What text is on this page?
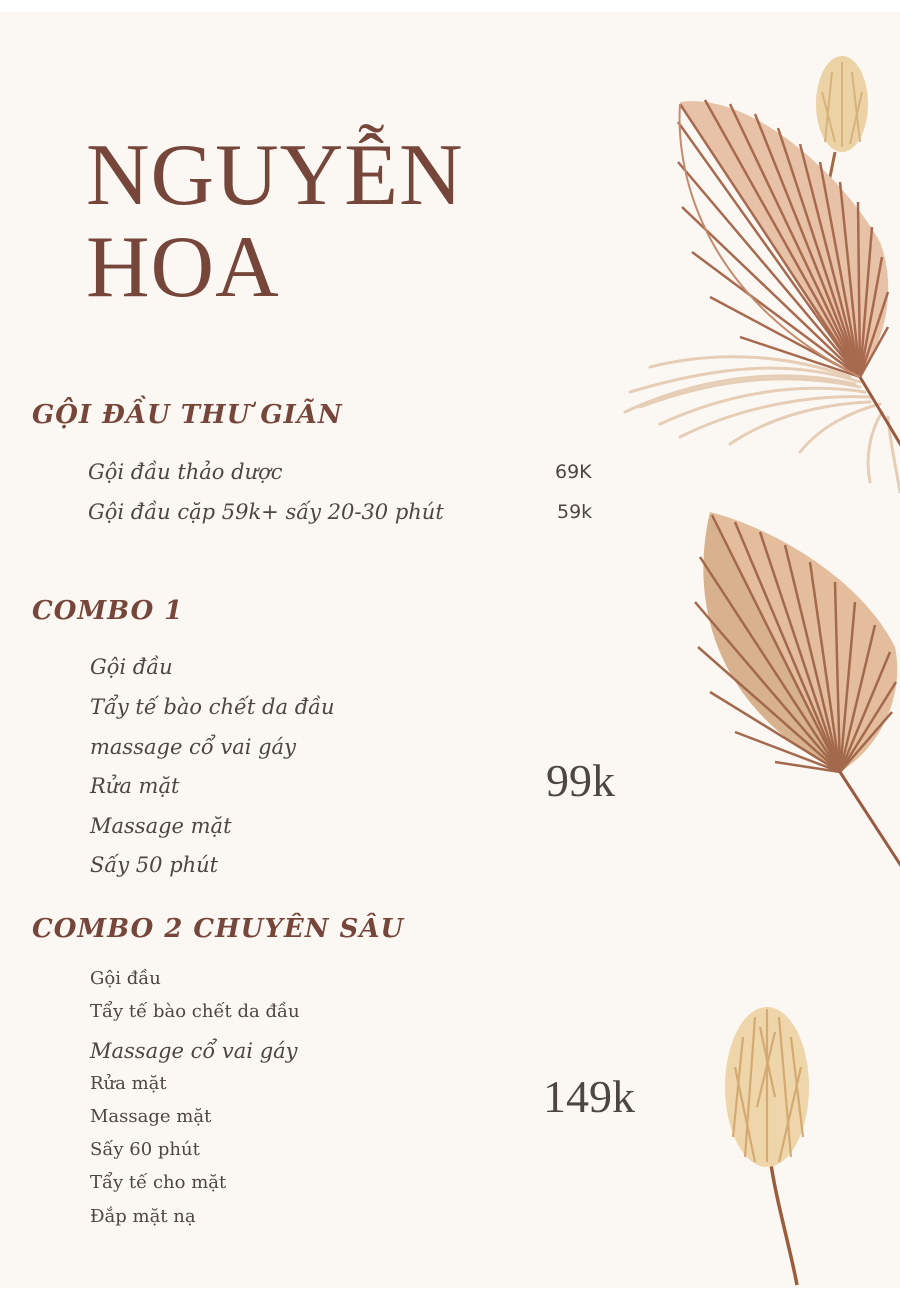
NGUYỄN
HOA
GỘI ĐẦU THƯ GIÃN
Gội đầu thảo dược	69K
Gội đầu cặp 59k+ sấy 20-30 phút	59k
COMBO 1
Gội đầu
Tẩy tế bào chết da đầu
massage cổ vai gáy
Rửa mặt
Massage mặt
Sấy 50 phút
99k
COMBO 2 CHUYÊN SÂU
Gội đầu
Tẩy tế bào chết da đầu
Massage cổ vai gáy
Rửa mặt
Massage mặt
Sấy 60 phút
Tẩy tế cho mặt
Đắp mặt nạ
149k
